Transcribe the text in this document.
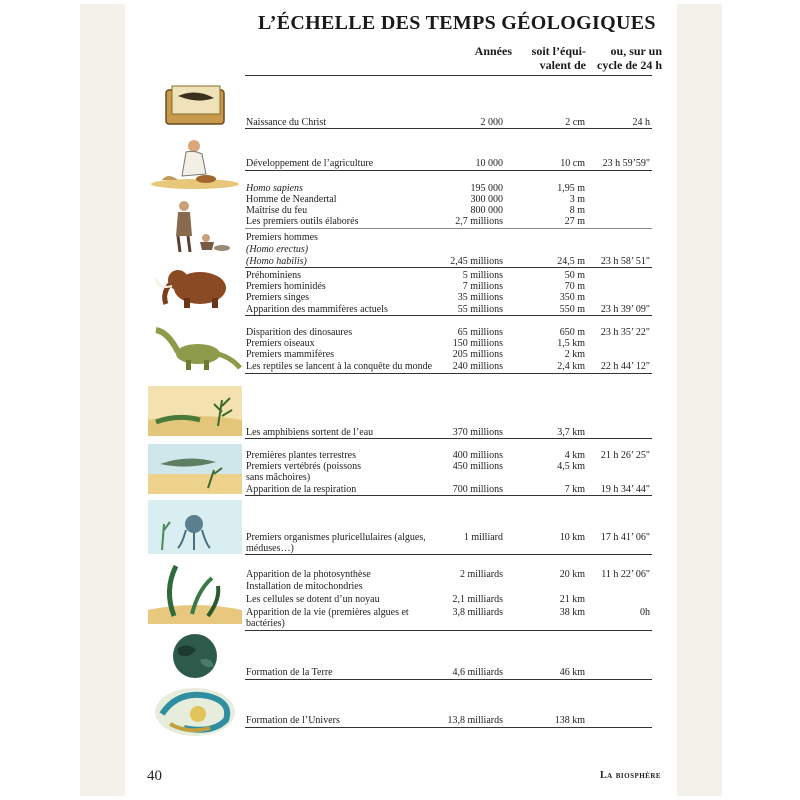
L’ÉCHELLE DES TEMPS GÉOLOGIQUES
Années	soit l’équi-
valent de
ou, sur un
cycle de 24 h
Naissance du Christ	2 000	2 cm	24 h
Développement de l’agriculture	10 000	10 cm 23 h 59’59"
Homo sapiens	195 000	1,95 m
Homme de Neandertal	300 000	3 m
Maîtrise du feu	800 000	8 m
Les premiers outils élaborés	2,7 millions	27 m
Premiers hommes
(Homo erectus)
(Homo habilis)	2,45 millions	24,5 m 23 h 58’ 51"
Préhominiens	5 millions	50 m
Premiers hominidés	7 millions	70 m
Premiers singes	35 millions	350 m
Apparition des mammifères actuels	55 millions	550 m 23 h 39’ 09"
Disparition des dinosaures	65 millions	650 m 23 h 35’ 22"
Premiers oiseaux	150 millions	1,5 km
Premiers mammifères	205 millions	2 km
Les reptiles se lancent à la conquête du monde 240 millions	2,4 km 22 h 44’ 12"
Les amphibiens sortent de l’eau	370 millions	3,7 km
Premières plantes terrestres	400 millions	4 km 21 h 26’ 25"
Premiers vertébrés (poissons	450 millions	4,5 km
sans mâchoires)
Apparition de la respiration	700 millions	7 km 19 h 34’ 44"
Premiers organismes pluricellulaires (algues,	1 milliard	10 km 17 h 41’ 06"
méduses…)
Apparition de la photosynthèse	2 milliards	20 km 11 h 22’ 06"
Installation de mitochondries
Les cellules se dotent d’un noyau	2,1 milliards	21 km
Apparition de la vie (premières algues et	3,8 milliards	38 km	0h
bactéries)
Formation de la Terre	4,6 milliards	46 km
Formation de l’Univers	13,8 milliards	138 km
40	La biosphère
